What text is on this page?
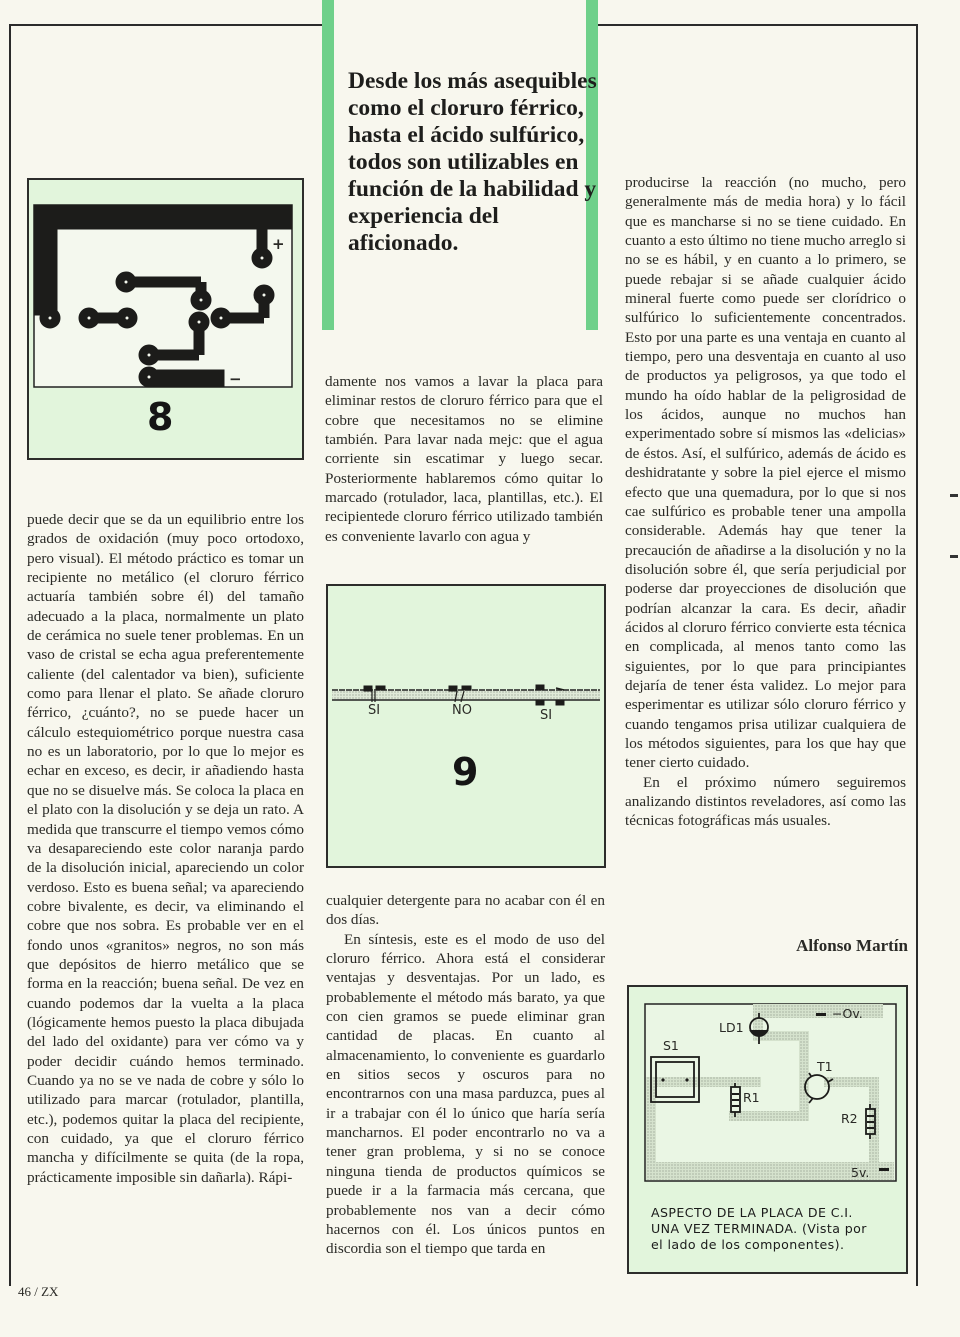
Desde los más asequibles como el cloruro férrico, hasta el ácido sulfúrico, todos son utilizables en función de la habilidad y experiencia del aficionado.
+
−
8

puede decir que se da un equilibrio entre los grados de oxidación (muy poco ortodoxo, pero visual). El método práctico es tomar un recipiente no metálico (el cloruro férrico actuaría también sobre él) del tamaño adecuado a la placa, normalmente un plato de cerámica no suele tener problemas. En un vaso de cristal se echa agua preferentemente caliente (del calentador va bien), suficiente como para llenar el plato. Se añade cloruro férrico, ¿cuánto?, no se puede hacer un cálculo estequiométrico porque nuestra casa no es un laboratorio, por lo que lo mejor es echar en exceso, es decir, ir añadiendo hasta que no se disuelve más. Se coloca la placa en el plato con la disolución y se deja un rato. A medida que transcurre el tiempo vemos cómo va desapareciendo este color naranja pardo de la disolución inicial, apareciendo un color verdoso. Esto es buena señal; va apareciendo cobre bivalente, es decir, va eliminando el cobre que nos sobra. Es probable ver en el fondo unos «granitos» negros, no son más que depósitos de hierro metálico que se forma en la reacción; buena señal. De vez en cuando podemos dar la vuelta a la placa (lógicamente hemos puesto la placa dibujada del lado del oxidante) para ver cómo va y poder decidir cuándo hemos terminado. Cuando ya no se ve nada de cobre y sólo lo utilizado para marcar (rotulador, plantilla, etc.), podemos quitar la placa del recipiente, con cuidado, ya que el cloruro férrico mancha y difícilmente se quita (de la ropa, prácticamente imposible sin dañarla). Rápi-

damente nos vamos a lavar la placa para eliminar restos de cloruro férrico para que el cobre que necesitamos no se elimine también. Para lavar nada mejc: que el agua corriente sin escatimar y luego secar. Posteriormente hablaremos cómo quitar lo marcado (rotulador, laca, plantillas, etc.). El recipientede cloruro férrico utilizado también es conveniente lavarlo con agua y

SI	NO	SI
9

cualquier detergente para no acabar con él en dos días.

En síntesis, este es el modo de uso del cloruro férrico. Ahora está el considerar ventajas y desventajas. Por un lado, es probablemente el método más barato, ya que con cien gramos se puede eliminar gran cantidad de placas. En cuanto al almacenamiento, lo conveniente es guardarlo en sitios secos y oscuros para no encontrarnos con una masa parduzca, pues al ir a trabajar con él lo único que haría sería mancharnos. El poder encontrarlo no va a tener gran problema, y si no se conoce ninguna tienda de productos químicos se puede ir a la farmacia más cercana, que probablemente nos van a decir cómo hacernos con él. Los únicos puntos en discordia son el tiempo que tarda en

producirse la reacción (no mucho, pero generalmente más de media hora) y lo fácil que es mancharse si no se tiene cuidado. En cuanto a esto último no tiene mucho arreglo si no se es hábil, y en cuanto a lo primero, se puede rebajar si se añade cualquier ácido mineral fuerte como puede ser clorídrico o sulfúrico lo suficientemente concentrados. Esto por una parte es una ventaja en cuanto al tiempo, pero una desventaja en cuanto al uso de productos ya peligrosos, ya que todo el mundo ha oído hablar de la peligrosidad de los ácidos, aunque no muchos han experimentado sobre sí mismos las «delicias» de éstos. Así, el sulfúrico, además de ácido es deshidratante y sobre la piel ejerce el mismo efecto que una quemadura, por lo que si nos cae sulfúrico es probable tener una ampolla considerable. Además hay que tener la precaución de añadirse a la disolución y no la disolución sobre él, que sería perjudicial por poderse dar proyecciones de disolución que podrían alcanzar la cara. Es decir, añadir ácidos al cloruro férrico convierte esta técnica en complicada, al menos tanto como las siguientes, por lo que para principiantes dejaría de tener ésta validez. Lo mejor para esperimentar es utilizar sólo cloruro férrico y cuando tengamos prisa utilizar cualquiera de los métodos siguientes, para los que hay que tener cierto cuidado.

En el próximo número seguiremos analizando distintos reveladores, así como las técnicas fotográficas más usuales.

Alfonso Martín
LD1
−Ov.
S1
T1
R1
R2
5v.
ASPECTO DE LA PLACA DE C.I.
UNA VEZ TERMINADA. (Vista por
el lado de los componentes).
46 / ZX
